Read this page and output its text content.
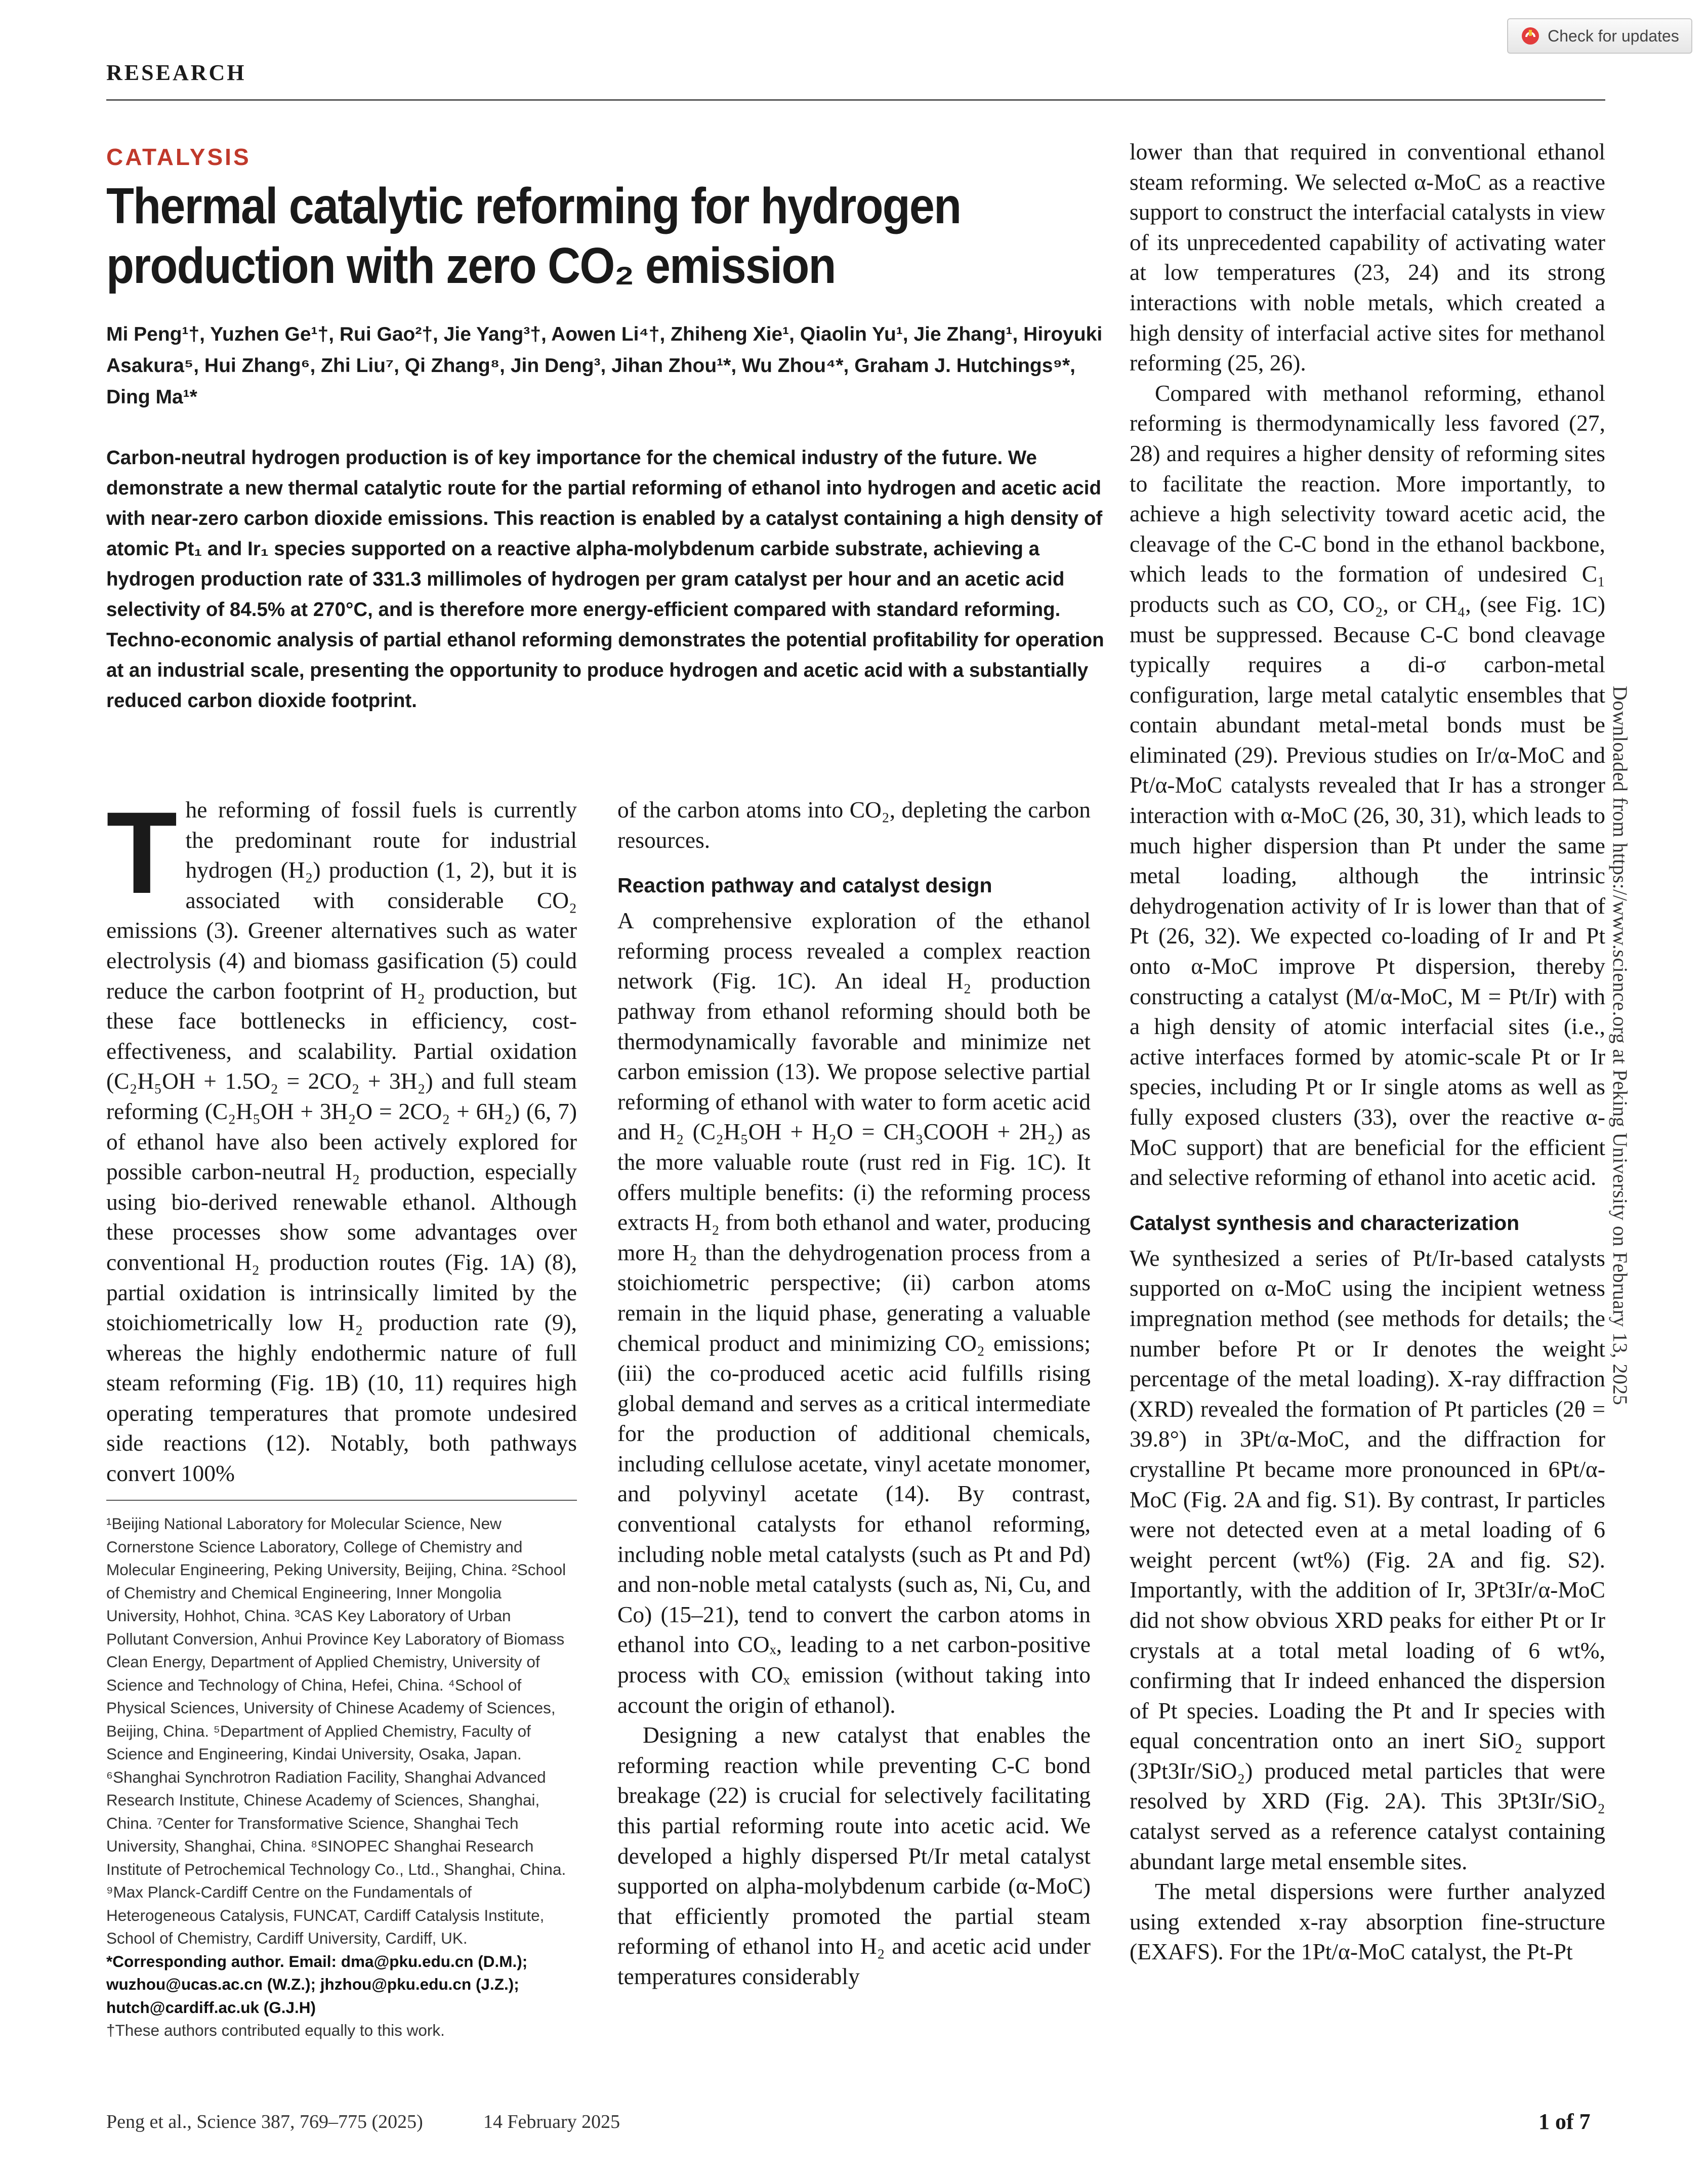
Check for updates
RESEARCH
CATALYSIS
Thermal catalytic reforming for hydrogen production with zero CO₂ emission
Mi Peng¹†, Yuzhen Ge¹†, Rui Gao²†, Jie Yang³†, Aowen Li⁴†, Zhiheng Xie¹, Qiaolin Yu¹, Jie Zhang¹, Hiroyuki Asakura⁵, Hui Zhang⁶, Zhi Liu⁷, Qi Zhang⁸, Jin Deng³, Jihan Zhou¹*, Wu Zhou⁴*, Graham J. Hutchings⁹*, Ding Ma¹*
Carbon-neutral hydrogen production is of key importance for the chemical industry of the future. We demonstrate a new thermal catalytic route for the partial reforming of ethanol into hydrogen and acetic acid with near-zero carbon dioxide emissions. This reaction is enabled by a catalyst containing a high density of atomic Pt₁ and Ir₁ species supported on a reactive alpha-molybdenum carbide substrate, achieving a hydrogen production rate of 331.3 millimoles of hydrogen per gram catalyst per hour and an acetic acid selectivity of 84.5% at 270°C, and is therefore more energy-efficient compared with standard reforming. Techno-economic analysis of partial ethanol reforming demonstrates the potential profitability for operation at an industrial scale, presenting the opportunity to produce hydrogen and acetic acid with a substantially reduced carbon dioxide footprint.
T he reforming of fossil fuels is currently the predominant route for industrial hydrogen (H₂) production (1, 2), but it is associated with considerable CO₂ emissions (3). Greener alternatives such as water electrolysis (4) and biomass gasification (5) could reduce the carbon footprint of H₂ production, but these face bottlenecks in efficiency, cost-effectiveness, and scalability. Partial oxidation (C₂H₅OH + 1.5O₂ = 2CO₂ + 3H₂) and full steam reforming (C₂H₅OH + 3H₂O = 2CO₂ + 6H₂) (6, 7) of ethanol have also been actively explored for possible carbon-neutral H₂ production, especially using bio-derived renewable ethanol. Although these processes show some advantages over conventional H₂ production routes (Fig. 1A) (8), partial oxidation is intrinsically limited by the stoichiometrically low H₂ production rate (9), whereas the highly endothermic nature of full steam reforming (Fig. 1B) (10, 11) requires high operating temperatures that promote undesired side reactions (12). Notably, both pathways convert 100%

¹Beijing National Laboratory for Molecular Science, New Cornerstone Science Laboratory, College of Chemistry and Molecular Engineering, Peking University, Beijing, China. ²School of Chemistry and Chemical Engineering, Inner Mongolia University, Hohhot, China. ³CAS Key Laboratory of Urban Pollutant Conversion, Anhui Province Key Laboratory of Biomass Clean Energy, Department of Applied Chemistry, University of Science and Technology of China, Hefei, China. ⁴School of Physical Sciences, University of Chinese Academy of Sciences, Beijing, China. ⁵Department of Applied Chemistry, Faculty of Science and Engineering, Kindai University, Osaka, Japan. ⁶Shanghai Synchrotron Radiation Facility, Shanghai Advanced Research Institute, Chinese Academy of Sciences, Shanghai, China. ⁷Center for Transformative Science, Shanghai Tech University, Shanghai, China. ⁸SINOPEC Shanghai Research Institute of Petrochemical Technology Co., Ltd., Shanghai, China. ⁹Max Planck-Cardiff Centre on the Fundamentals of Heterogeneous Catalysis, FUNCAT, Cardiff Catalysis Institute, School of Chemistry, Cardiff University, Cardiff, UK.
*Corresponding author. Email: dma@pku.edu.cn (D.M.); wuzhou@ucas.ac.cn (W.Z.); jhzhou@pku.edu.cn (J.Z.); hutch@cardiff.ac.uk (G.J.H)
†These authors contributed equally to this work.

of the carbon atoms into CO₂, depleting the carbon resources.

Reaction pathway and catalyst design

A comprehensive exploration of the ethanol reforming process revealed a complex reaction network (Fig. 1C). An ideal H₂ production pathway from ethanol reforming should both be thermodynamically favorable and minimize net carbon emission (13). We propose selective partial reforming of ethanol with water to form acetic acid and H₂ (C₂H₅OH + H₂O = CH₃COOH + 2H₂) as the more valuable route (rust red in Fig. 1C). It offers multiple benefits: (i) the reforming process extracts H₂ from both ethanol and water, producing more H₂ than the dehydrogenation process from a stoichiometric perspective; (ii) carbon atoms remain in the liquid phase, generating a valuable chemical product and minimizing CO₂ emissions; (iii) the co-produced acetic acid fulfills rising global demand and serves as a critical intermediate for the production of additional chemicals, including cellulose acetate, vinyl acetate monomer, and polyvinyl acetate (14). By contrast, conventional catalysts for ethanol reforming, including noble metal catalysts (such as Pt and Pd) and non-noble metal catalysts (such as, Ni, Cu, and Co) (15–21), tend to convert the carbon atoms in ethanol into COₓ, leading to a net carbon-positive process with COₓ emission (without taking into account the origin of ethanol).

Designing a new catalyst that enables the reforming reaction while preventing C-C bond breakage (22) is crucial for selectively facilitating this partial reforming route into acetic acid. We developed a highly dispersed Pt/Ir metal catalyst supported on alpha-molybdenum carbide (α-MoC) that efficiently promoted the partial steam reforming of ethanol into H₂ and acetic acid under temperatures considerably

lower than that required in conventional ethanol steam reforming. We selected α-MoC as a reactive support to construct the interfacial catalysts in view of its unprecedented capability of activating water at low temperatures (23, 24) and its strong interactions with noble metals, which created a high density of interfacial active sites for methanol reforming (25, 26).

Compared with methanol reforming, ethanol reforming is thermodynamically less favored (27, 28) and requires a higher density of reforming sites to facilitate the reaction. More importantly, to achieve a high selectivity toward acetic acid, the cleavage of the C-C bond in the ethanol backbone, which leads to the formation of undesired C₁ products such as CO, CO₂, or CH₄, (see Fig. 1C) must be suppressed. Because C-C bond cleavage typically requires a di-σ carbon-metal configuration, large metal catalytic ensembles that contain abundant metal-metal bonds must be eliminated (29). Previous studies on Ir/α-MoC and Pt/α-MoC catalysts revealed that Ir has a stronger interaction with α-MoC (26, 30, 31), which leads to much higher dispersion than Pt under the same metal loading, although the intrinsic dehydrogenation activity of Ir is lower than that of Pt (26, 32). We expected co-loading of Ir and Pt onto α-MoC improve Pt dispersion, thereby constructing a catalyst (M/α-MoC, M = Pt/Ir) with a high density of atomic interfacial sites (i.e., active interfaces formed by atomic-scale Pt or Ir species, including Pt or Ir single atoms as well as fully exposed clusters (33), over the reactive α-MoC support) that are beneficial for the efficient and selective reforming of ethanol into acetic acid.

Catalyst synthesis and characterization

We synthesized a series of Pt/Ir-based catalysts supported on α-MoC using the incipient wetness impregnation method (see methods for details; the number before Pt or Ir denotes the weight percentage of the metal loading). X-ray diffraction (XRD) revealed the formation of Pt particles (2θ = 39.8°) in 3Pt/α-MoC, and the diffraction for crystalline Pt became more pronounced in 6Pt/α-MoC (Fig. 2A and fig. S1). By contrast, Ir particles were not detected even at a metal loading of 6 weight percent (wt%) (Fig. 2A and fig. S2). Importantly, with the addition of Ir, 3Pt3Ir/α-MoC did not show obvious XRD peaks for either Pt or Ir crystals at a total metal loading of 6 wt%, confirming that Ir indeed enhanced the dispersion of Pt species. Loading the Pt and Ir species with equal concentration onto an inert SiO₂ support (3Pt3Ir/SiO₂) produced metal particles that were resolved by XRD (Fig. 2A). This 3Pt3Ir/SiO₂ catalyst served as a reference catalyst containing abundant large metal ensemble sites.

The metal dispersions were further analyzed using extended x-ray absorption fine-structure (EXAFS). For the 1Pt/α-MoC catalyst, the Pt-Pt

Downloaded from https://www.science.org at Peking University on February 13, 2025
Peng et al., Science 387, 769–775 (2025)	14 February 2025	1 of 7
